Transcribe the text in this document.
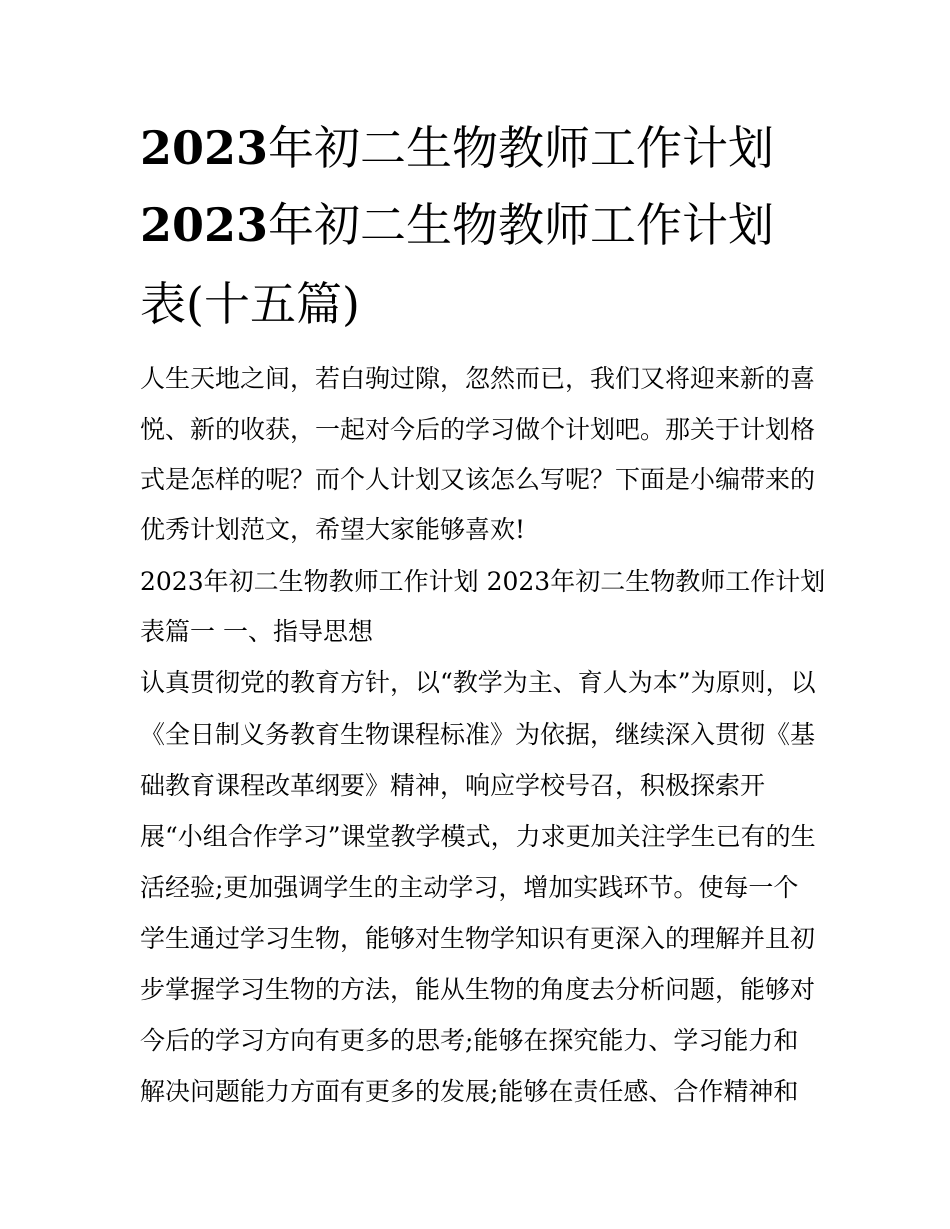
2023年初二生物教师工作计划
2023年初二生物教师工作计划
表(十五篇)
人生天地之间，若白驹过隙，忽然而已，我们又将迎来新的喜
悦、新的收获，一起对今后的学习做个计划吧。那关于计划格
式是怎样的呢？而个人计划又该怎么写呢？下面是小编带来的
优秀计划范文，希望大家能够喜欢!
2023年初二生物教师工作计划 2023年初二生物教师工作计划
表篇一 一、指导思想
认真贯彻党的教育方针，以“教学为主、育人为本”为原则，以
《全日制义务教育生物课程标准》为依据，继续深入贯彻《基
础教育课程改革纲要》精神，响应学校号召，积极探索开
展“小组合作学习”课堂教学模式，力求更加关注学生已有的生
活经验;更加强调学生的主动学习，增加实践环节。使每一个
学生通过学习生物，能够对生物学知识有更深入的理解并且初
步掌握学习生物的方法，能从生物的角度去分析问题，能够对
今后的学习方向有更多的思考;能够在探究能力、学习能力和
解决问题能力方面有更多的发展;能够在责任感、合作精神和
